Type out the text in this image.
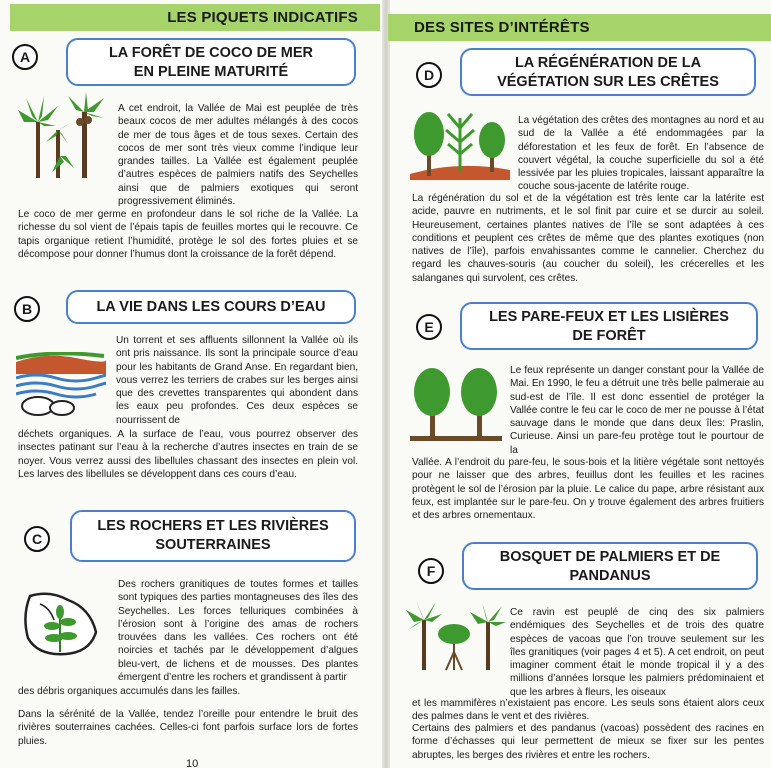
LES PIQUETS INDICATIFS
A	LA FORÊT DE COCO DE MER
EN PLEINE MATURITÉ

A cet endroit, la Vallée de Mai est peuplée de très beaux cocos de mer adultes mélangés à des cocos de mer de tous âges et de tous sexes. Certain des cocos de mer sont très vieux comme l’indique leur grandes tailles. La Vallée est également peuplée d’autres espèces de palmiers natifs des Seychelles ainsi que de palmiers exotiques qui seront progressivement éliminés.

Le coco de mer germe en profondeur dans le sol riche de la Vallée. La richesse du sol vient de l’épais tapis de feuilles mortes qui le recouvre. Ce tapis organique retient l’humidité, protège le sol des fortes pluies et se décompose pour donner l’humus dont la croissance de la forêt dépend.

B	LA VIE DANS LES COURS D’EAU

Un torrent et ses affluents sillonnent la Vallée où ils ont pris naissance. Ils sont la principale source d’eau pour les habitants de Grand Anse. En regardant bien, vous verrez les terriers de crabes sur les berges ainsi que des crevettes transparentes qui abondent dans les eaux peu profondes. Ces deux espèces se nourrissent de

déchets organiques. A la surface de l’eau, vous pourrez observer des insectes patinant sur l’eau à la recherche d’autres insectes en train de se noyer. Vous verrez aussi des libellules chassant des insectes en plein vol. Les larves des libellules se développent dans ces cours d’eau.

C
LES ROCHERS ET LES RIVIÈRES
SOUTERRAINES

Des rochers granitiques de toutes formes et tailles sont typiques des parties montagneuses des îles des Seychelles. Les forces telluriques combinées à l’érosion sont à l’origine des amas de rochers trouvées dans les vallées. Ces rochers ont été noircies et tachés par le développement d’algues bleu-vert, de lichens et de mousses. Des plantes émergent d’entre les rochers et grandissent à partir

des débris organiques accumulés dans les failles.

Dans la sérénité de la Vallée, tendez l’oreille pour entendre le bruit des rivières souterraines cachées. Celles-ci font parfois surface lors de fortes pluies.

10
DES SITES D’INTÉRÊTS
D
LA RÉGÉNÉRATION DE LA
VÉGÉTATION SUR LES CRÊTES

La végétation des crêtes des montagnes au nord et au sud de la Vallée a été endommagées par la déforestation et les feux de forêt. En l’absence de couvert végétal, la couche superficielle du sol a été lessivée par les pluies tropicales, laissant apparaître la couche sous-jacente de latérite rouge.

La régénération du sol et de la végétation est très lente car la latérite est acide, pauvre en nutriments, et le sol finit par cuire et se durcir au soleil. Heureusement, certaines plantes natives de l’île se sont adaptées à ces conditions et peuplent ces crêtes de même que des plantes exotiques (non natives de l’île), parfois envahissantes comme le cannelier. Cherchez du regard les chauves-souris (au coucher du soleil), les crécerelles et les salanganes qui survolent, ces crêtes.

E
LES PARE-FEUX ET LES LISIÈRES
DE FORÊT

Le feux représente un danger constant pour la Vallée de Mai. En 1990, le feu a détruit une très belle palmeraie au sud-est de l’île. Il est donc essentiel de protéger la Vallée contre le feu car le coco de mer ne pousse à l’état sauvage dans le monde que dans deux îles: Praslin, Curieuse. Ainsi un pare-feu protège tout le pourtour de la

Vallée. A l’endroit du pare-feu, le sous-bois et la litière végétale sont nettoyés pour ne laisser que des arbres, feuillus dont les feuilles et les racines protègent le sol de l’érosion par la pluie. Le calice du pape, arbre résistant aux feux, est implantée sur le pare-feu. On y trouve également des arbres fruitiers et des arbres ornementaux.

F
BOSQUET DE PALMIERS ET DE
PANDANUS

Ce ravin est peuplé de cinq des six palmiers endémiques des Seychelles et de trois des quatre espèces de vacoas que l’on trouve seulement sur les îles granitiques (voir pages 4 et 5). A cet endroit, on peut imaginer comment était le monde tropical il y a des millions d’années lorsque les palmiers prédominaient et que les arbres à fleurs, les oiseaux

et les mammifères n’existaient pas encore. Les seuls sons étaient alors ceux des palmes dans le vent et des rivières.

Certains des palmiers et des pandanus (vacoas) possèdent des racines en forme d’échasses qui leur permettent de mieux se fixer sur les pentes abruptes, les berges des rivières et entre les rochers.
